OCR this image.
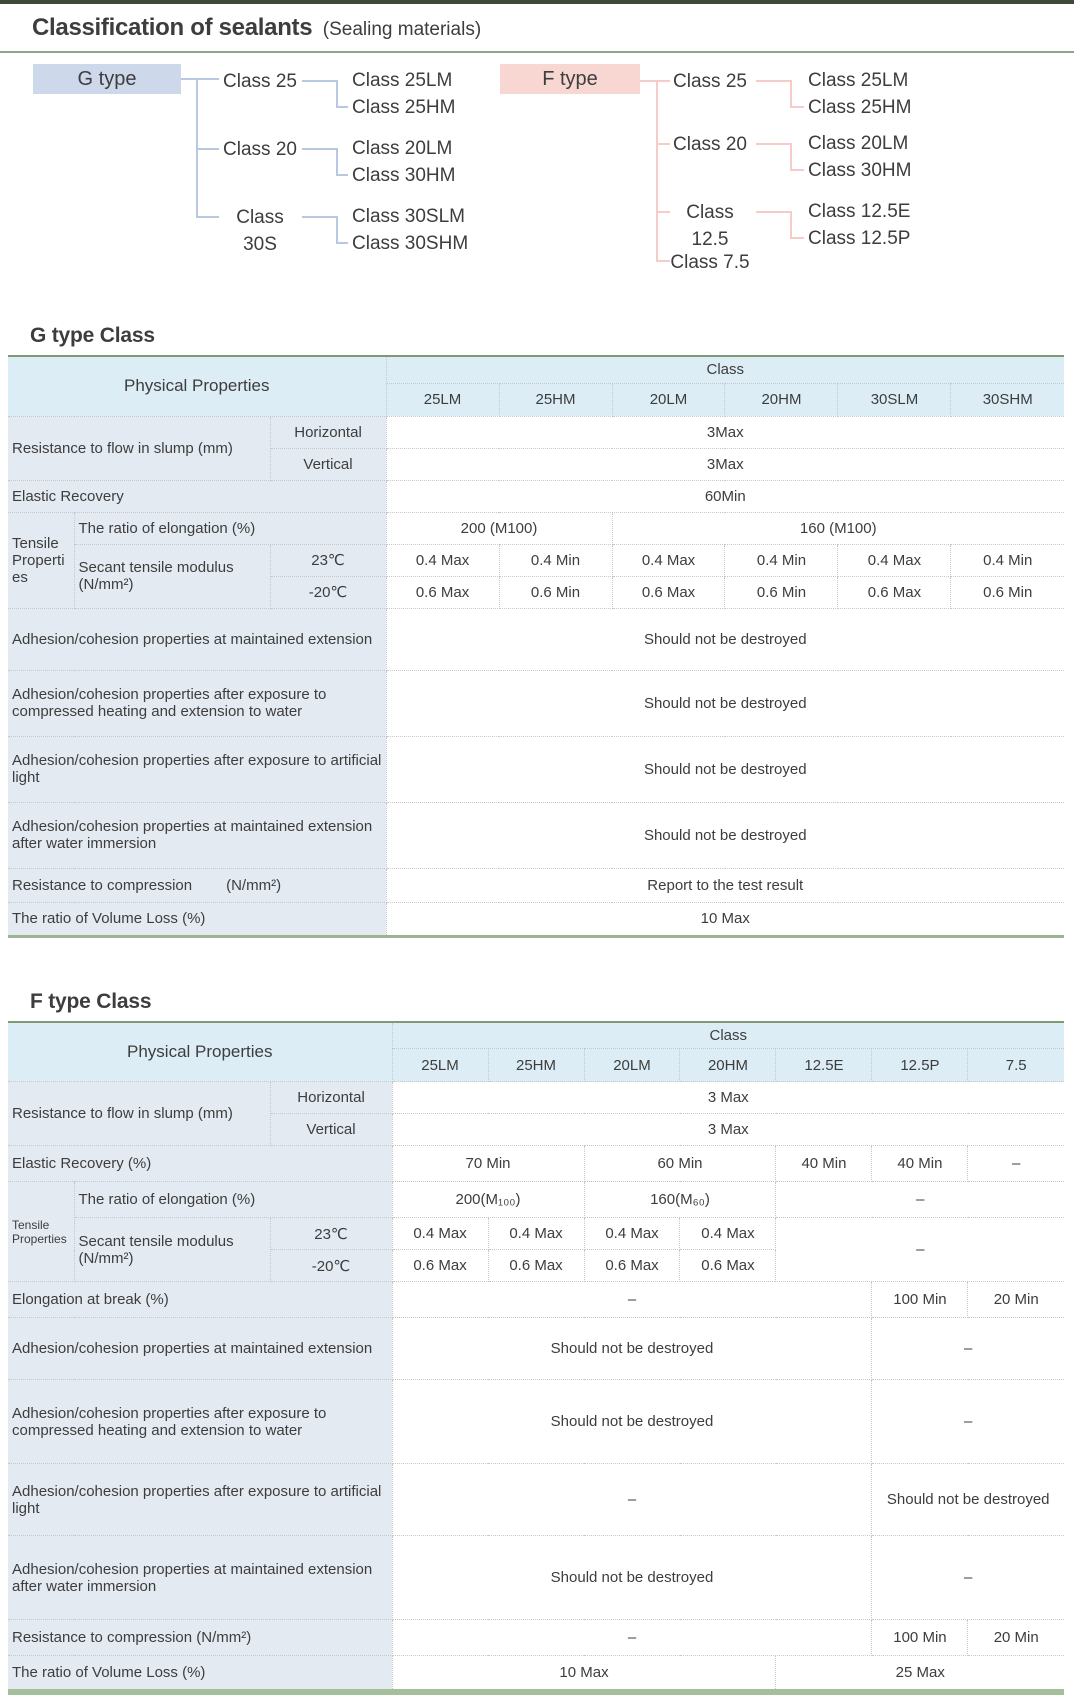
Classification of sealants (Sealing materials)
G type	Class 25
Class 20
Class 30S
Class 25LM
Class 25HM
Class 20LM
Class 30HM
Class 30SLM
Class 30SHM
F type	Class 25
Class 20
Class 12.5
Class 7.5
Class 25LM
Class 25HM
Class 20LM
Class 30HM
Class 12.5E
Class 12.5P
G type Class
Physical Properties			Class					
			25LM	25HM	20LM	20HM	30SLM	30SHM
Resistance to flow in slump (mm)		Horizontal	3Max					
		Vertical	3Max					
Elastic Recovery			60Min					
Tensile Properties	The ratio of elongation (%)		200 (M100)		160 (M100)			
	Secant tensile modulus (N/mm²)	23℃	0.4 Max	0.4 Min	0.4 Max	0.4 Min	0.4 Max	0.4 Min
		-20℃	0.6 Max	0.6 Min	0.6 Max	0.6 Min	0.6 Max	0.6 Min
Adhesion/cohesion properties at maintained extension			Should not be destroyed					
Adhesion/cohesion properties after exposure to compressed heating and extension to water			Should not be destroyed					
Adhesion/cohesion properties after exposure to artificial light			Should not be destroyed					
Adhesion/cohesion properties at maintained extension after water immersion			Should not be destroyed					
Resistance to compression (N/mm²)			Report to the test result					
The ratio of Volume Loss (%)			10 Max					
F type Class
Physical Properties			Class						
			25LM	25HM	20LM	20HM	12.5E	12.5P	7.5
Resistance to flow in slump (mm)		Horizontal	3 Max						
		Vertical	3 Max						
Elastic Recovery (%)			70 Min		60 Min		40 Min	40 Min	–
Tensile Properties	The ratio of elongation (%)		200(M₁₀₀)		160(M₆₀)		–		
	Secant tensile modulus (N/mm²)	23℃	0.4 Max	0.4 Max	0.4 Max	0.4 Max	–		
		-20℃	0.6 Max	0.6 Max	0.6 Max	0.6 Max			
Elongation at break (%)			–					100 Min	20 Min
Adhesion/cohesion properties at maintained extension			Should not be destroyed					–	
Adhesion/cohesion properties after exposure to compressed heating and extension to water			Should not be destroyed					–	
Adhesion/cohesion properties after exposure to artificial light			–					Should not be destroyed	
Adhesion/cohesion properties at maintained extension after water immersion			Should not be destroyed					–	
Resistance to compression (N/mm²)			–					100 Min	20 Min
The ratio of Volume Loss (%)			10 Max				25 Max		
